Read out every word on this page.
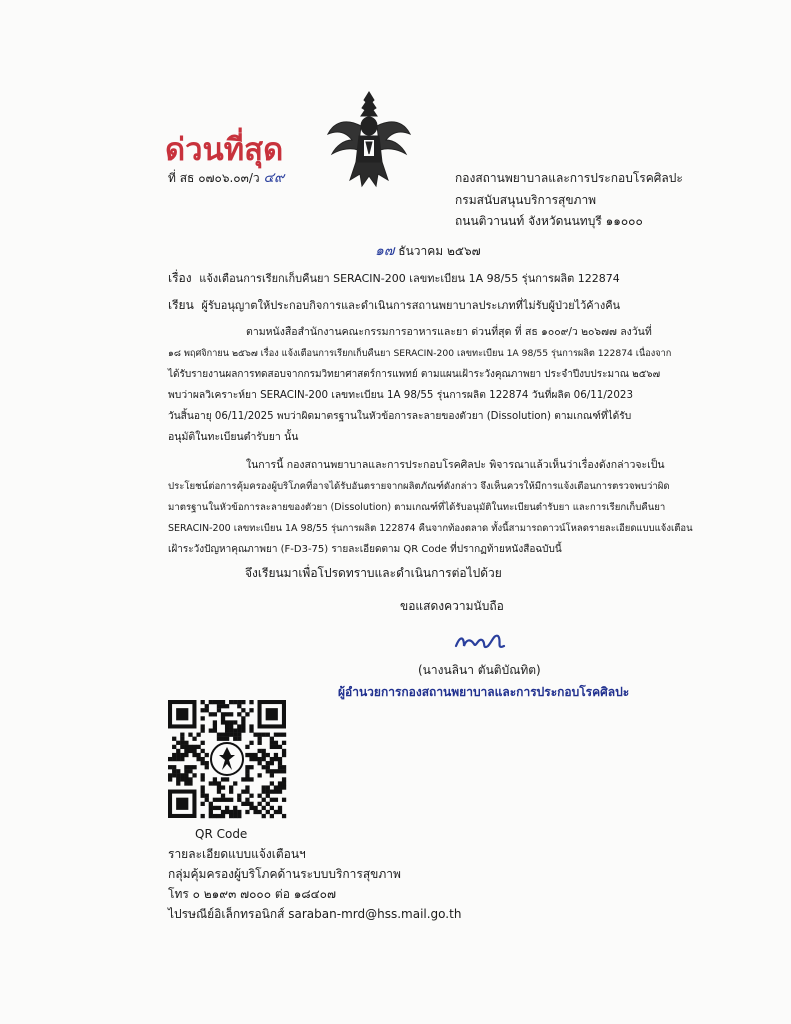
ด่วนที่สุด
ที่ สธ ๐๗๐๖.๐๓/ว ๔๙	กองสถานพยาบาลและการประกอบโรคศิลปะ
กรมสนับสนุนบริการสุขภาพ
ถนนติวานนท์ จังหวัดนนทบุรี ๑๑๐๐๐
๑๗ ธันวาคม ๒๕๖๗
เรื่อง แจ้งเตือนการเรียกเก็บคืนยา SERACIN-200 เลขทะเบียน 1A 98/55 รุ่นการผลิต 122874
เรียน ผู้รับอนุญาตให้ประกอบกิจการและดำเนินการสถานพยาบาลประเภทที่ไม่รับผู้ป่วยไว้ค้างคืน
ตามหนังสือสำนักงานคณะกรรมการอาหารและยา ด่วนที่สุด ที่ สธ ๑๐๐๙/ว ๒๐๖๗๗ ลงวันที่
๑๘ พฤศจิกายน ๒๕๖๗ เรื่อง แจ้งเตือนการเรียกเก็บคืนยา SERACIN-200 เลขทะเบียน 1A 98/55 รุ่นการผลิต 122874 เนื่องจาก
ได้รับรายงานผลการทดสอบจากกรมวิทยาศาสตร์การแพทย์ ตามแผนเฝ้าระวังคุณภาพยา ประจำปีงบประมาณ ๒๕๖๗
พบว่าผลวิเคราะห์ยา SERACIN-200 เลขทะเบียน 1A 98/55 รุ่นการผลิต 122874 วันที่ผลิต 06/11/2023
วันสิ้นอายุ 06/11/2025 พบว่าผิดมาตรฐานในหัวข้อการละลายของตัวยา (Dissolution) ตามเกณฑ์ที่ได้รับ
อนุมัติในทะเบียนตำรับยา นั้น
ในการนี้ กองสถานพยาบาลและการประกอบโรคศิลปะ พิจารณาแล้วเห็นว่าเรื่องดังกล่าวจะเป็น
ประโยชน์ต่อการคุ้มครองผู้บริโภคที่อาจได้รับอันตรายจากผลิตภัณฑ์ดังกล่าว จึงเห็นควรให้มีการแจ้งเตือนการตรวจพบว่าผิด
มาตรฐานในหัวข้อการละลายของตัวยา (Dissolution) ตามเกณฑ์ที่ได้รับอนุมัติในทะเบียนตำรับยา และการเรียกเก็บคืนยา
SERACIN-200 เลขทะเบียน 1A 98/55 รุ่นการผลิต 122874 คืนจากท้องตลาด ทั้งนี้สามารถดาวน์โหลดรายละเอียดแบบแจ้งเตือน
เฝ้าระวังปัญหาคุณภาพยา (F-D3-75) รายละเอียดตาม QR Code ที่ปรากฏท้ายหนังสือฉบับนี้
จึงเรียนมาเพื่อโปรดทราบและดำเนินการต่อไปด้วย
ขอแสดงความนับถือ
(นางนลินา ตันติบัณทิต)
ผู้อำนวยการกองสถานพยาบาลและการประกอบโรคศิลปะ
QR Code
รายละเอียดแบบแจ้งเตือนฯ
กลุ่มคุ้มครองผู้บริโภคด้านระบบบริการสุขภาพ
โทร ๐ ๒๑๙๓ ๗๐๐๐ ต่อ ๑๘๔๐๗
ไปรษณีย์อิเล็กทรอนิกส์ saraban-mrd@hss.mail.go.th
